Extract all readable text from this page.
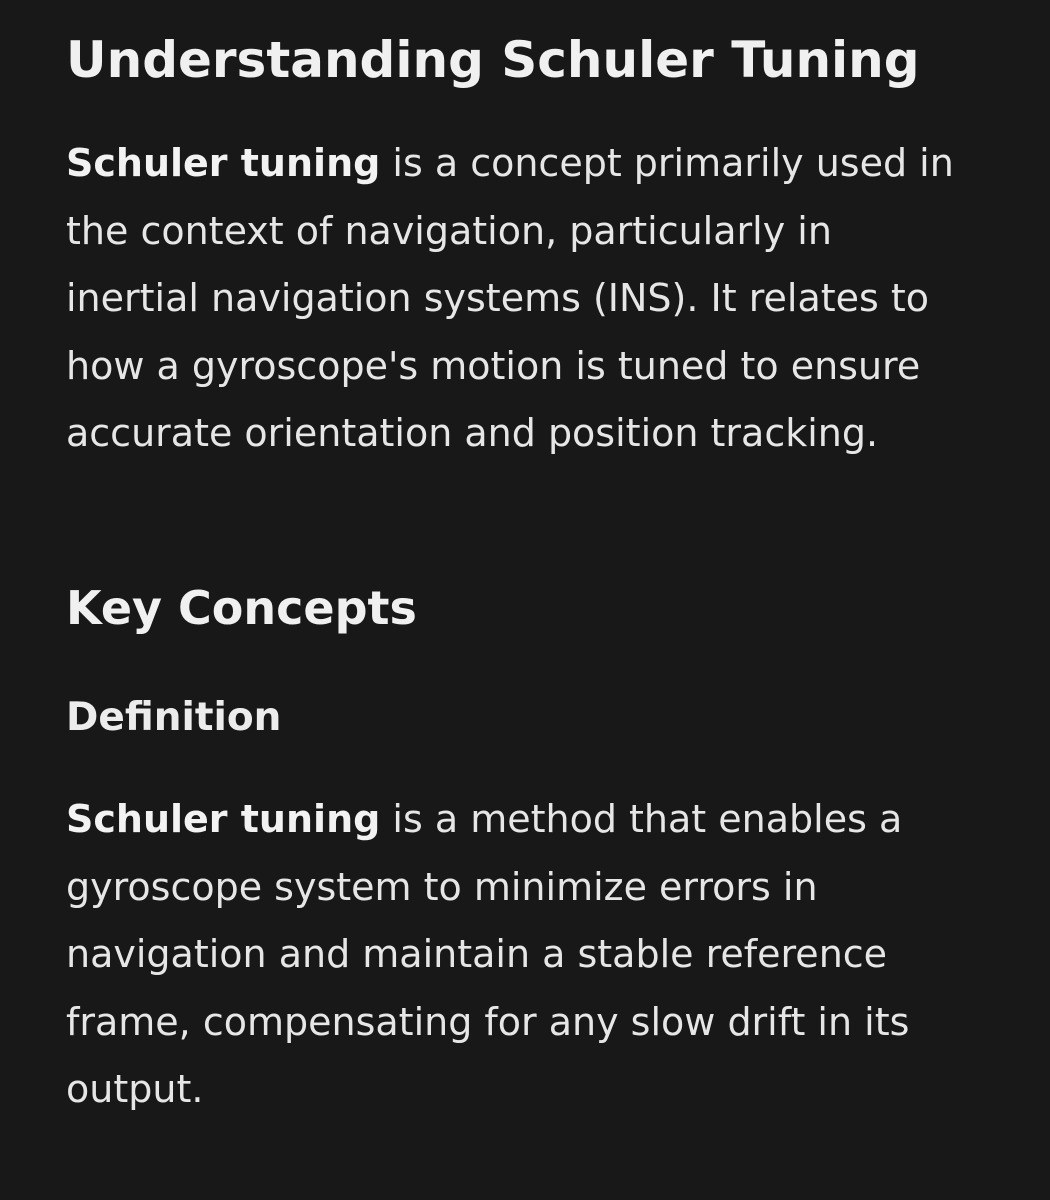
Understanding Schuler Tuning

Schuler tuning is a concept primarily used in
the context of navigation, particularly in
inertial navigation systems (INS). It relates to
how a gyroscope's motion is tuned to ensure
accurate orientation and position tracking.

Key Concepts
Definition

Schuler tuning is a method that enables a
gyroscope system to minimize errors in
navigation and maintain a stable reference
frame, compensating for any slow drift in its
output.
